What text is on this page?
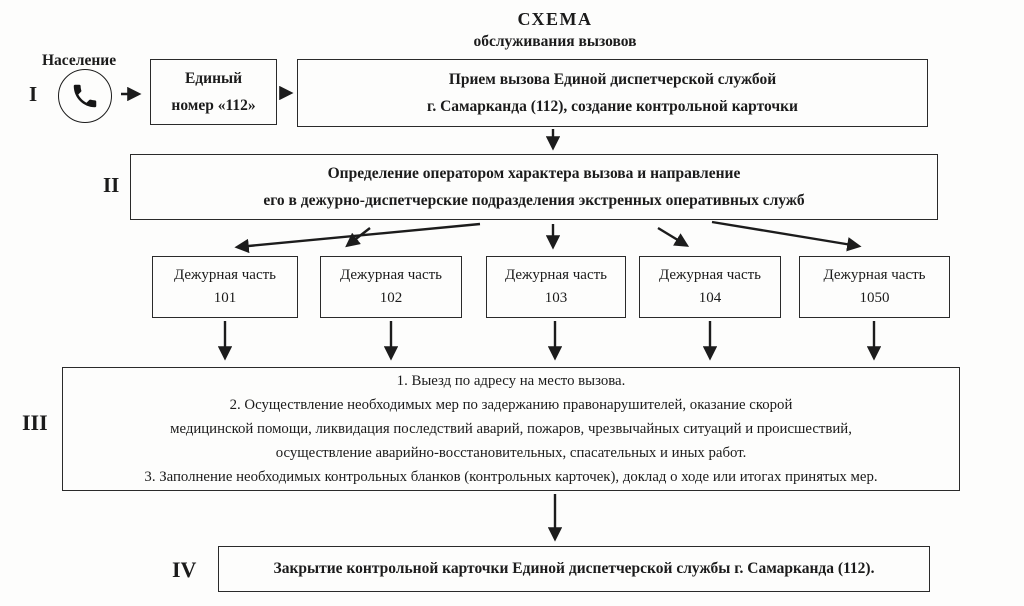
СХЕМА
обслуживания вызовов
I
Население
Единый
номер «112»
Прием вызова Единой диспетчерской службой
г. Самарканда (112), создание контрольной карточки
II	Определение оператором характера вызова и направление
его в дежурно-диспетчерские подразделения экстренных оперативных служб
Дежурная часть
101
Дежурная часть
102
Дежурная часть
103
Дежурная часть
104
Дежурная часть
1050
III
1. Выезд по адресу на место вызова.
2. Осуществление необходимых мер по задержанию правонарушителей, оказание скорой
медицинской помощи, ликвидация последствий аварий, пожаров, чрезвычайных ситуаций и происшествий,
осуществление аварийно-восстановительных, спасательных и иных работ.
3. Заполнение необходимых контрольных бланков (контрольных карточек), доклад о ходе или итогах принятых мер.
IV	Закрытие контрольной карточки Единой диспетчерской службы г. Самарканда (112).
